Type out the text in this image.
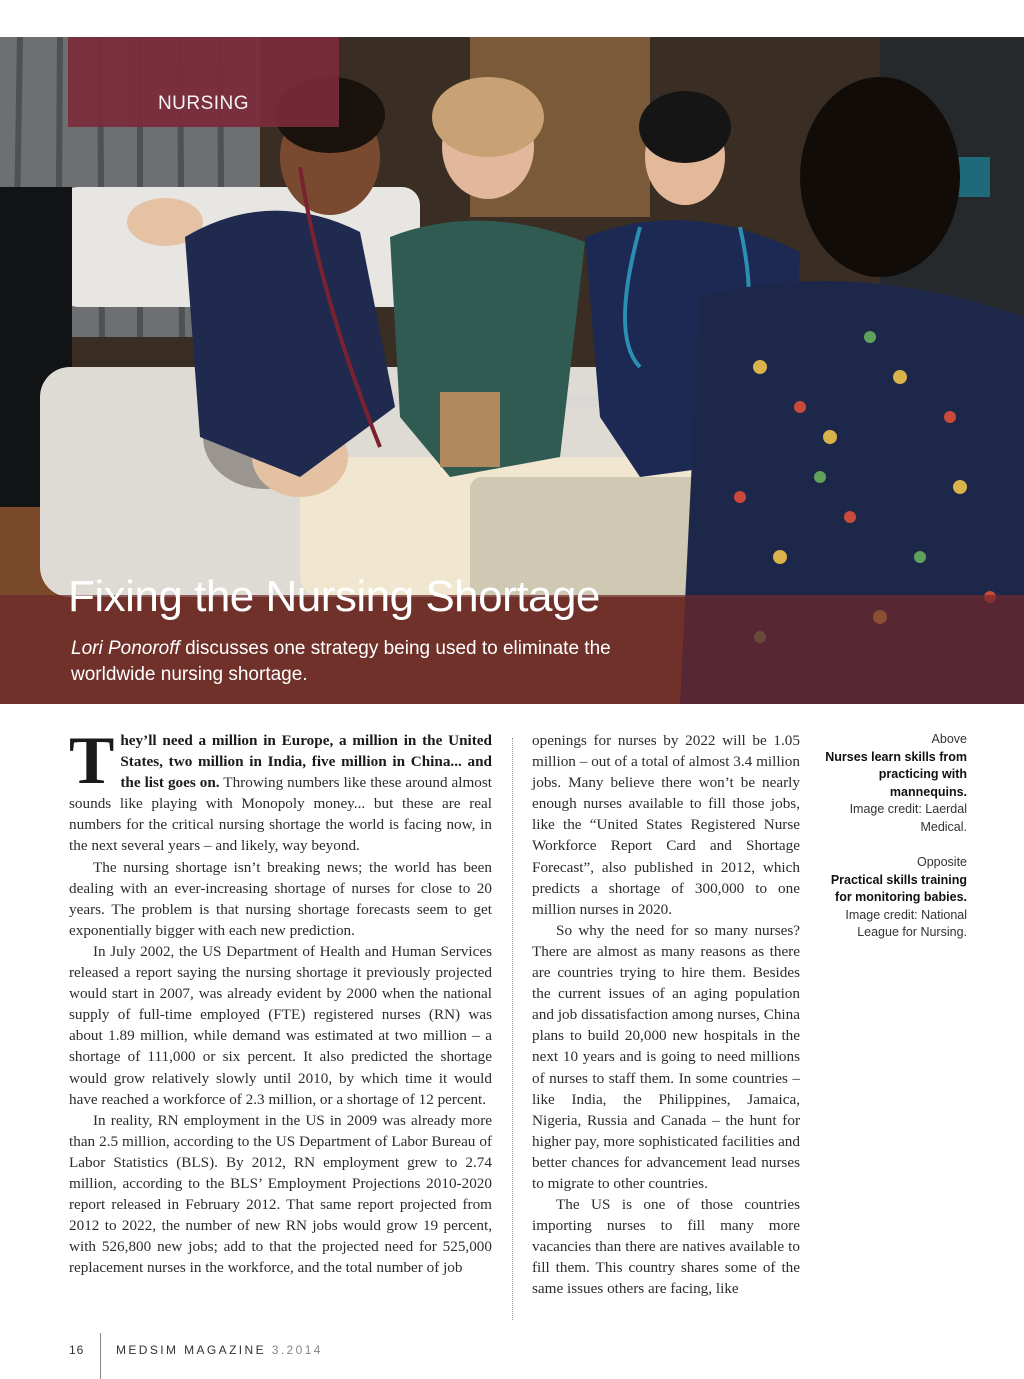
NURSING
Fixing the Nursing Shortage

Lori Ponoroff discusses one strategy being used to eliminate the worldwide nursing shortage.

They’ll need a million in Europe, a million in the United States, two million in India, five million in China... and the list goes on. Throwing numbers like these around almost sounds like playing with Monopoly money... but these are real numbers for the critical nursing shortage the world is facing now, in the next several years – and likely, way beyond.

The nursing shortage isn’t breaking news; the world has been dealing with an ever-increasing shortage of nurses for close to 20 years. The problem is that nursing shortage forecasts seem to get exponentially bigger with each new prediction.

In July 2002, the US Department of Health and Human Services released a report saying the nursing shortage it previously projected would start in 2007, was already evident by 2000 when the national supply of full-time employed (FTE) registered nurses (RN) was about 1.89 million, while demand was estimated at two million – a shortage of 111,000 or six percent. It also predicted the shortage would grow relatively slowly until 2010, by which time it would have reached a workforce of 2.3 million, or a shortage of 12 percent.

In reality, RN employment in the US in 2009 was already more than 2.5 million, according to the US Department of Labor Bureau of Labor Statistics (BLS). By 2012, RN employment grew to 2.74 million, according to the BLS’ Employment Projections 2010-2020 report released in February 2012. That same report projected from 2012 to 2022, the number of new RN jobs would grow 19 percent, with 526,800 new jobs; add to that the projected need for 525,000 replacement nurses in the workforce, and the total number of job

openings for nurses by 2022 will be 1.05 million – out of a total of almost 3.4 million jobs. Many believe there won’t be nearly enough nurses available to fill those jobs, like the “United States Registered Nurse Workforce Report Card and Shortage Forecast”, also published in 2012, which predicts a shortage of 300,000 to one million nurses in 2020.

So why the need for so many nurses? There are almost as many reasons as there are countries trying to hire them. Besides the current issues of an aging population and job dissatisfaction among nurses, China plans to build 20,000 new hospitals in the next 10 years and is going to need millions of nurses to staff them. In some countries – like India, the Philippines, Jamaica, Nigeria, Russia and Canada – the hunt for higher pay, more sophisticated facilities and better chances for advancement lead nurses to migrate to other countries.

The US is one of those countries importing nurses to fill many more vacancies than there are natives available to fill them. This country shares some of the same issues others are facing, like

Above
Nurses learn skills from practicing with mannequins.
Image credit: Laerdal Medical.
Opposite
Practical skills training for monitoring babies.
Image credit: National League for Nursing.
16	MEDSIM MAGAZINE 3.2014
